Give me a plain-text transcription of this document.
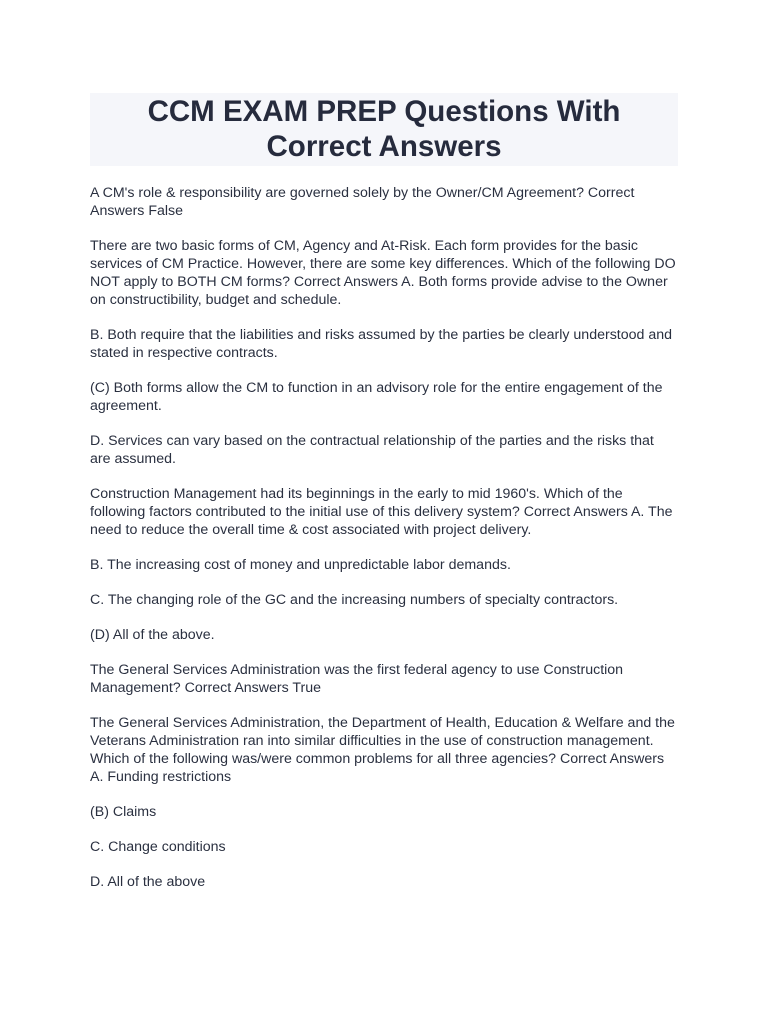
CCM EXAM PREP Questions With Correct Answers

A CM's role & responsibility are governed solely by the Owner/CM Agreement? Correct Answers False

There are two basic forms of CM, Agency and At-Risk. Each form provides for the basic services of CM Practice. However, there are some key differences. Which of the following DO NOT apply to BOTH CM forms? Correct Answers A. Both forms provide advise to the Owner on constructibility, budget and schedule.

B. Both require that the liabilities and risks assumed by the parties be clearly understood and stated in respective contracts.

(C) Both forms allow the CM to function in an advisory role for the entire engagement of the agreement.

D. Services can vary based on the contractual relationship of the parties and the risks that are assumed.

Construction Management had its beginnings in the early to mid 1960's. Which of the following factors contributed to the initial use of this delivery system? Correct Answers A. The need to reduce the overall time & cost associated with project delivery.

B. The increasing cost of money and unpredictable labor demands.

C. The changing role of the GC and the increasing numbers of specialty contractors.

(D) All of the above.

The General Services Administration was the first federal agency to use Construction Management? Correct Answers True

The General Services Administration, the Department of Health, Education & Welfare and the Veterans Administration ran into similar difficulties in the use of construction management. Which of the following was/were common problems for all three agencies? Correct Answers A. Funding restrictions

(B) Claims

C. Change conditions

D. All of the above
